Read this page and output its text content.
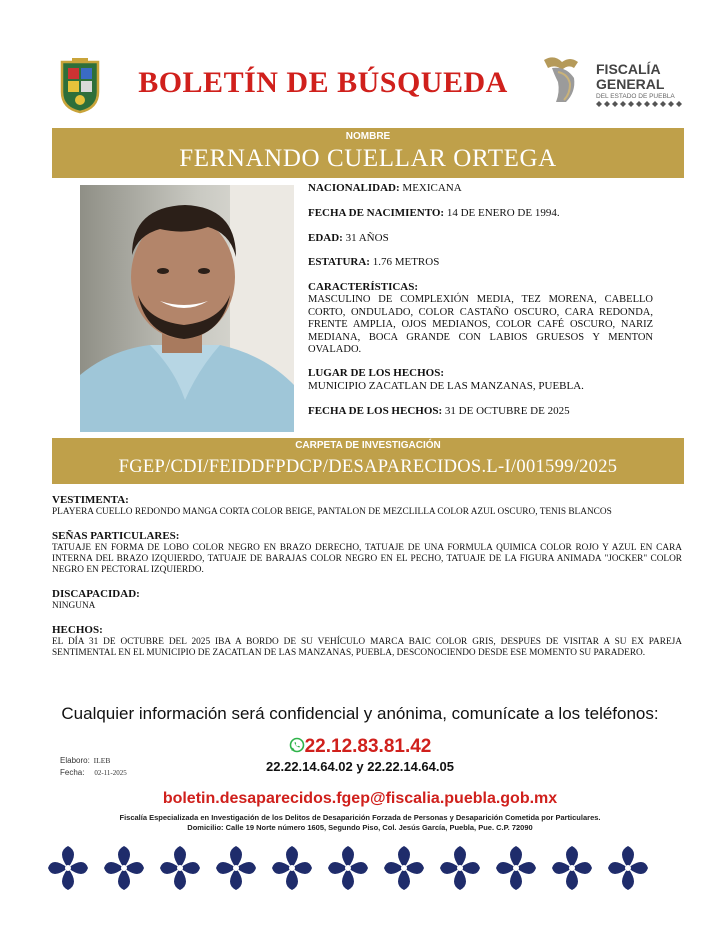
BOLETÍN DE BÚSQUEDA	FISCALÍA
GENERAL
DEL ESTADO DE PUEBLA
NOMBRE
FERNANDO CUELLAR ORTEGA
NACIONALIDAD: MEXICANA
FECHA DE NACIMIENTO: 14 DE ENERO DE 1994.
EDAD: 31 AÑOS
ESTATURA: 1.76 METROS
CARACTERÍSTICAS:
MASCULINO DE COMPLEXIÓN MEDIA, TEZ MORENA, CABELLO CORTO, ONDULADO, COLOR CASTAÑO OSCURO, CARA REDONDA, FRENTE AMPLIA, OJOS MEDIANOS, COLOR CAFÉ OSCURO, NARIZ MEDIANA, BOCA GRANDE CON LABIOS GRUESOS Y MENTON OVALADO.
LUGAR DE LOS HECHOS:
MUNICIPIO ZACATLAN DE LAS MANZANAS, PUEBLA.
FECHA DE LOS HECHOS: 31 DE OCTUBRE DE 2025
CARPETA DE INVESTIGACIÓN
FGEP/CDI/FEIDDFPDCP/DESAPARECIDOS.L-I/001599/2025
VESTIMENTA:
PLAYERA CUELLO REDONDO MANGA CORTA COLOR BEIGE, PANTALON DE MEZCLILLA COLOR AZUL OSCURO, TENIS BLANCOS
SEÑAS PARTICULARES:
TATUAJE EN FORMA DE LOBO COLOR NEGRO EN BRAZO DERECHO, TATUAJE DE UNA FORMULA QUIMICA COLOR ROJO Y AZUL EN CARA INTERNA DEL BRAZO IZQUIERDO, TATUAJE DE BARAJAS COLOR NEGRO EN EL PECHO, TATUAJE DE LA FIGURA ANIMADA "JOCKER" COLOR NEGRO EN PECTORAL IZQUIERDO.
DISCAPACIDAD:
NINGUNA
HECHOS:
EL DÍA 31 DE OCTUBRE DEL 2025 IBA A BORDO DE SU VEHÍCULO MARCA BAIC COLOR GRIS, DESPUES DE VISITAR A SU EX PAREJA SENTIMENTAL EN EL MUNICIPIO DE ZACATLAN DE LAS MANZANAS, PUEBLA, DESCONOCIENDO DESDE ESE MOMENTO SU PARADERO.
Cualquier información será confidencial y anónima, comunícate a los teléfonos:
22.12.83.81.42
22.22.14.64.02 y 22.22.14.64.05
Elaboro: ILEB
Fecha: 02-11-2025
boletin.desaparecidos.fgep@fiscalia.puebla.gob.mx
Fiscalía Especializada en Investigación de los Delitos de Desaparición Forzada de Personas y Desaparición Cometida por Particulares.
Domicilio: Calle 19 Norte número 1605, Segundo Piso, Col. Jesús García, Puebla, Pue. C.P. 72090
